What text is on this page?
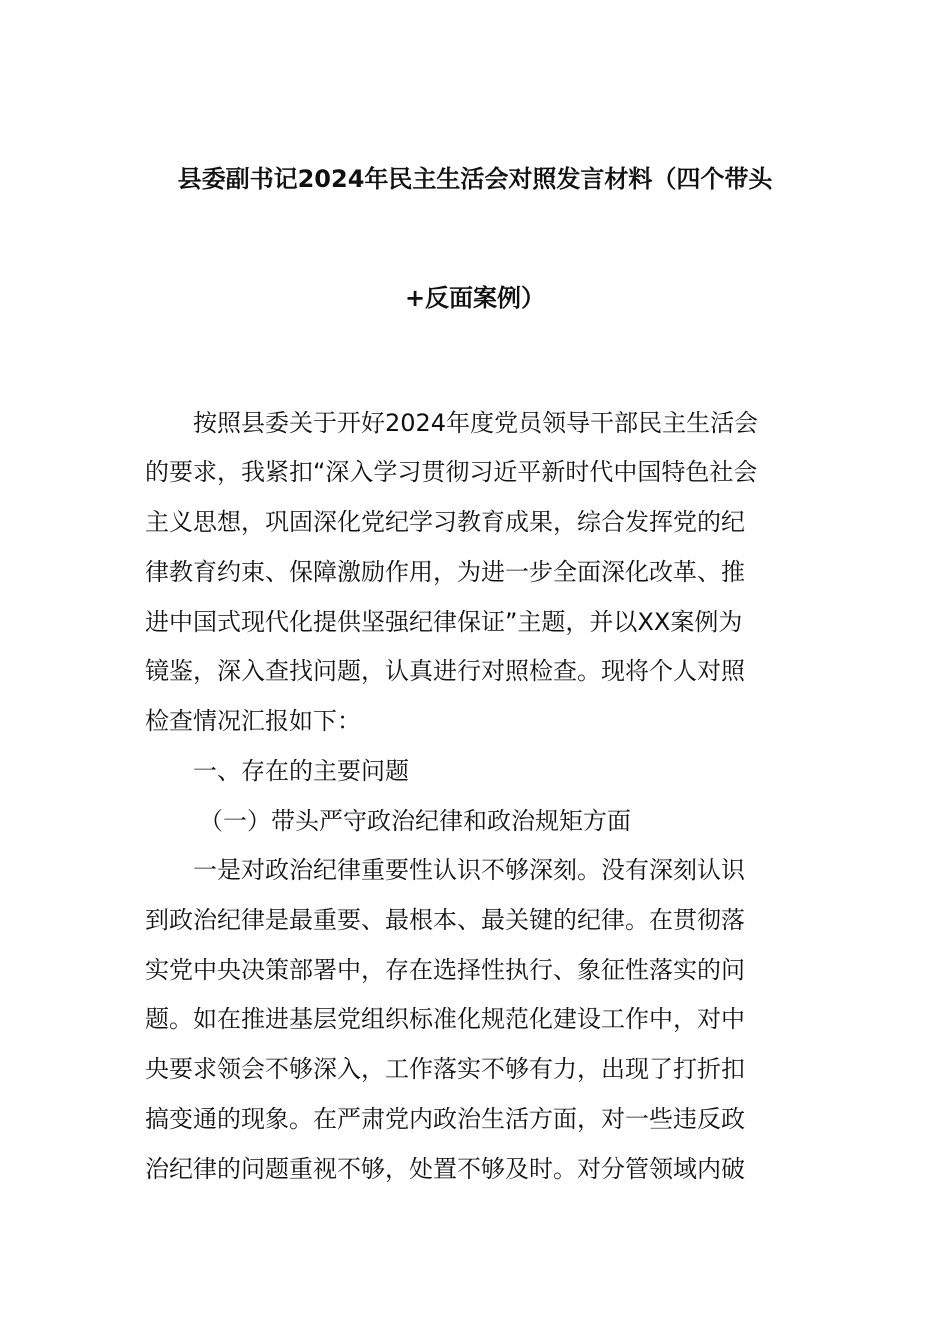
县委副书记2024年民主生活会对照发言材料（四个带头
+反面案例）
按照县委关于开好2024年度党员领导干部民主生活会
的要求，我紧扣“深入学习贯彻习近平新时代中国特色社会
主义思想，巩固深化党纪学习教育成果，综合发挥党的纪
律教育约束、保障激励作用，为进一步全面深化改革、推
进中国式现代化提供坚强纪律保证”主题，并以XX案例为
镜鉴，深入查找问题，认真进行对照检查。现将个人对照
检查情况汇报如下：
一、存在的主要问题
（一）带头严守政治纪律和政治规矩方面
一是对政治纪律重要性认识不够深刻。没有深刻认识
到政治纪律是最重要、最根本、最关键的纪律。在贯彻落
实党中央决策部署中，存在选择性执行、象征性落实的问
题。如在推进基层党组织标准化规范化建设工作中，对中
央要求领会不够深入，工作落实不够有力，出现了打折扣
搞变通的现象。在严肃党内政治生活方面，对一些违反政
治纪律的问题重视不够，处置不够及时。对分管领域内破
